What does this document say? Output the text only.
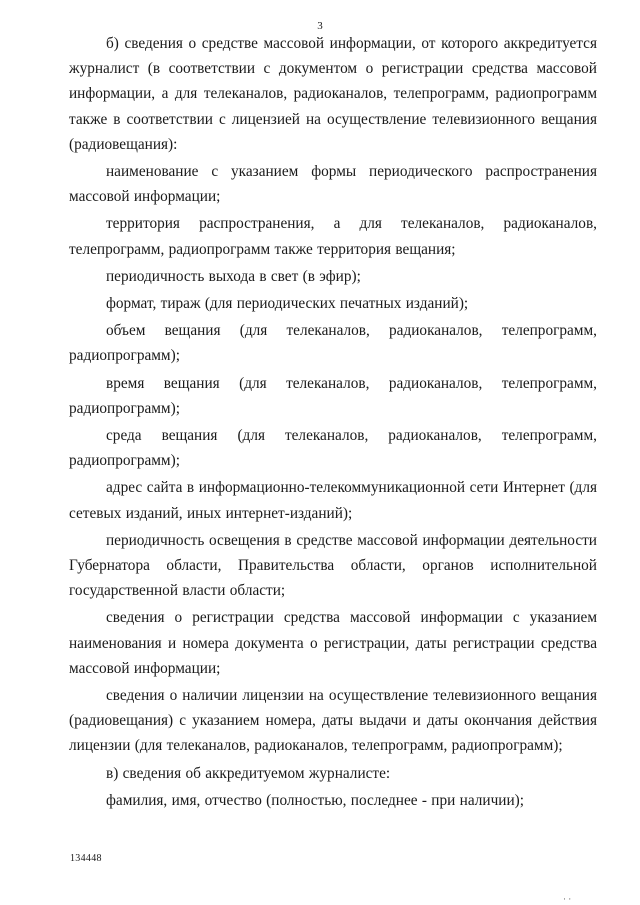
3

б) сведения о средстве массовой информации, от которого аккредитуется журналист (в соответствии с документом о регистрации средства массовой информации, а для телеканалов, радиоканалов, телепрограмм, радиопрограмм также в соответствии с лицензией на осуществление телевизионного вещания (радиовещания):

наименование с указанием формы периодического распространения массовой информации;

территория распространения, а для телеканалов, радиоканалов, телепрограмм, радиопрограмм также территория вещания;

периодичность выхода в свет (в эфир);

формат, тираж (для периодических печатных изданий);

объем вещания (для телеканалов, радиоканалов, телепрограмм, радиопрограмм);

время вещания (для телеканалов, радиоканалов, телепрограмм, радиопрограмм);

среда вещания (для телеканалов, радиоканалов, телепрограмм, радиопрограмм);

адрес сайта в информационно-телекоммуникационной сети Интернет (для сетевых изданий, иных интернет-изданий);

периодичность освещения в средстве массовой информации деятельности Губернатора области, Правительства области, органов исполнительной государственной власти области;

сведения о регистрации средства массовой информации с указанием наименования и номера документа о регистрации, даты регистрации средства массовой информации;

сведения о наличии лицензии на осуществление телевизионного вещания (радиовещания) с указанием номера, даты выдачи и даты окончания действия лицензии (для телеканалов, радиоканалов, телепрограмм, радиопрограмм);

в) сведения об аккредитуемом журналисте:

фамилия, имя, отчество (полностью, последнее - при наличии);

134448
· ·
